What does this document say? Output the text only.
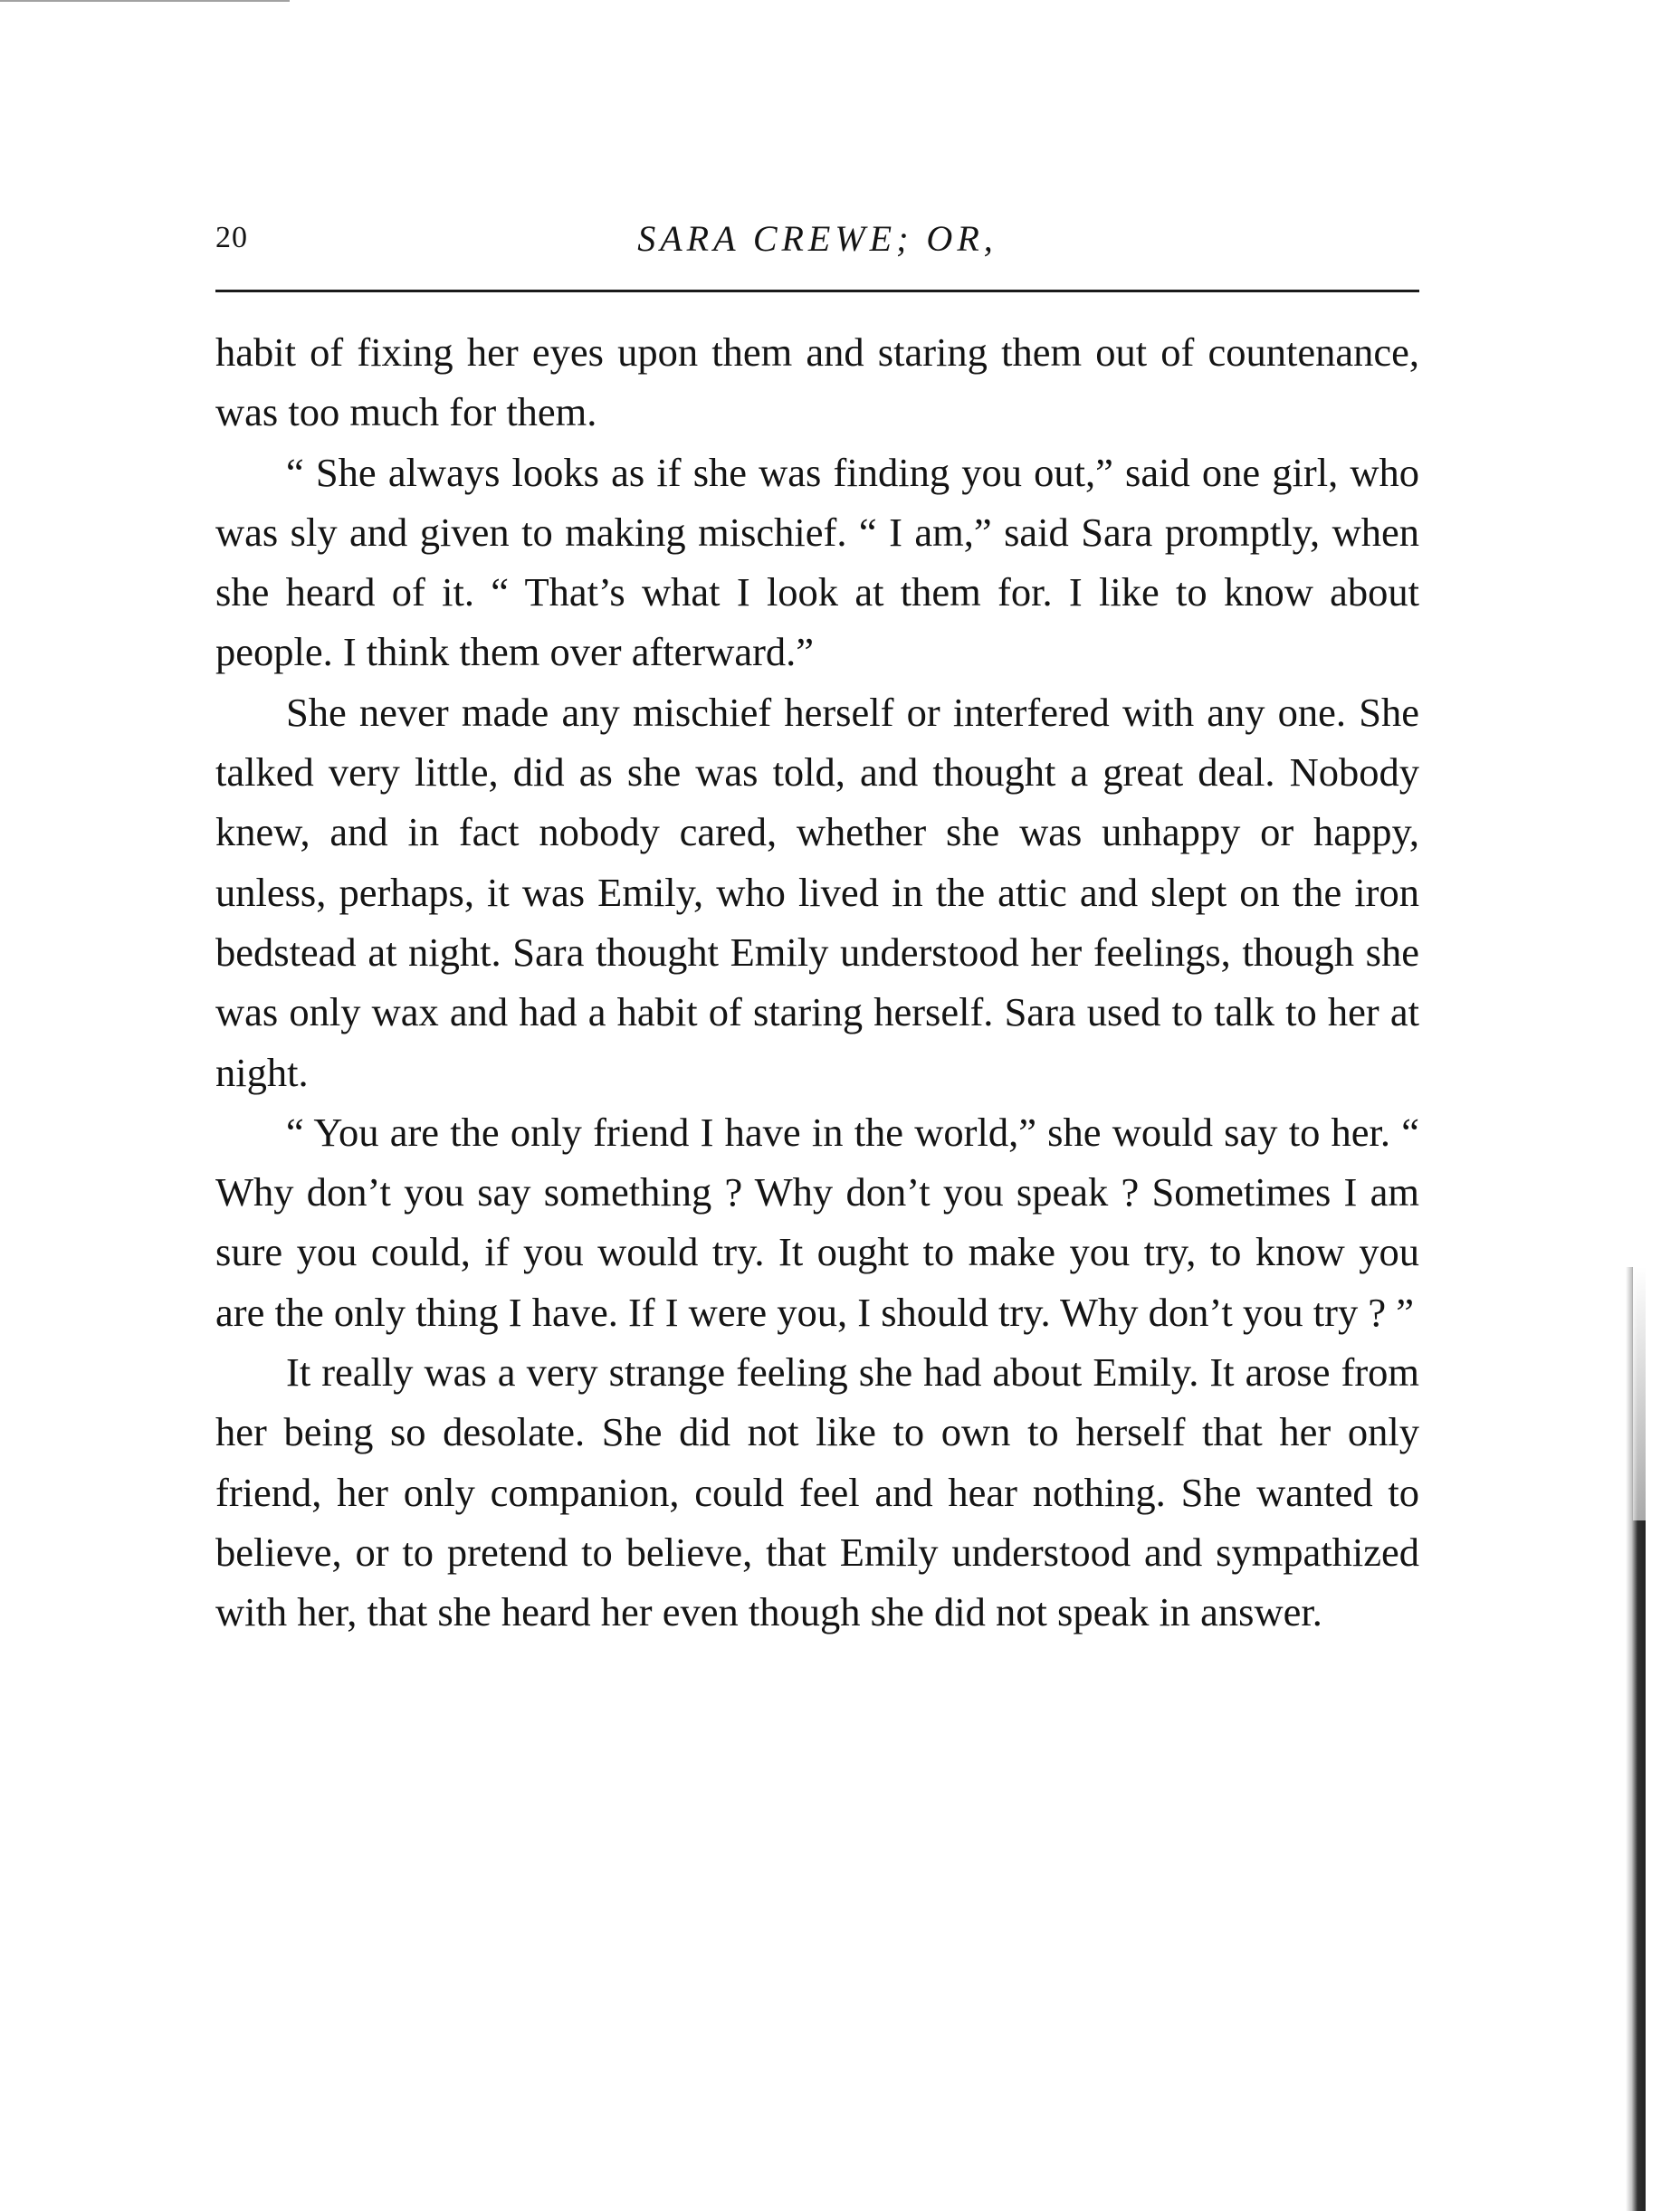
20	SARA CREWE; OR,

habit of fixing her eyes upon them and staring them out of countenance, was too much for them.

“ She always looks as if she was finding you out,” said one girl, who was sly and given to making mischief. “ I am,” said Sara promptly, when she heard of it. “ That’s what I look at them for. I like to know about people. I think them over afterward.”

She never made any mischief herself or interfered with any one. She talked very little, did as she was told, and thought a great deal. Nobody knew, and in fact nobody cared, whether she was unhappy or happy, unless, perhaps, it was Emily, who lived in the attic and slept on the iron bedstead at night. Sara thought Emily understood her feelings, though she was only wax and had a habit of staring herself. Sara used to talk to her at night.

“ You are the only friend I have in the world,” she would say to her. “ Why don’t you say something ? Why don’t you speak ? Sometimes I am sure you could, if you would try. It ought to make you try, to know you are the only thing I have. If I were you, I should try. Why don’t you try ? ”

It really was a very strange feeling she had about Emily. It arose from her being so desolate. She did not like to own to herself that her only friend, her only companion, could feel and hear nothing. She wanted to believe, or to pretend to believe, that Emily understood and sympathized with her, that she heard her even though she did not speak in answer.
